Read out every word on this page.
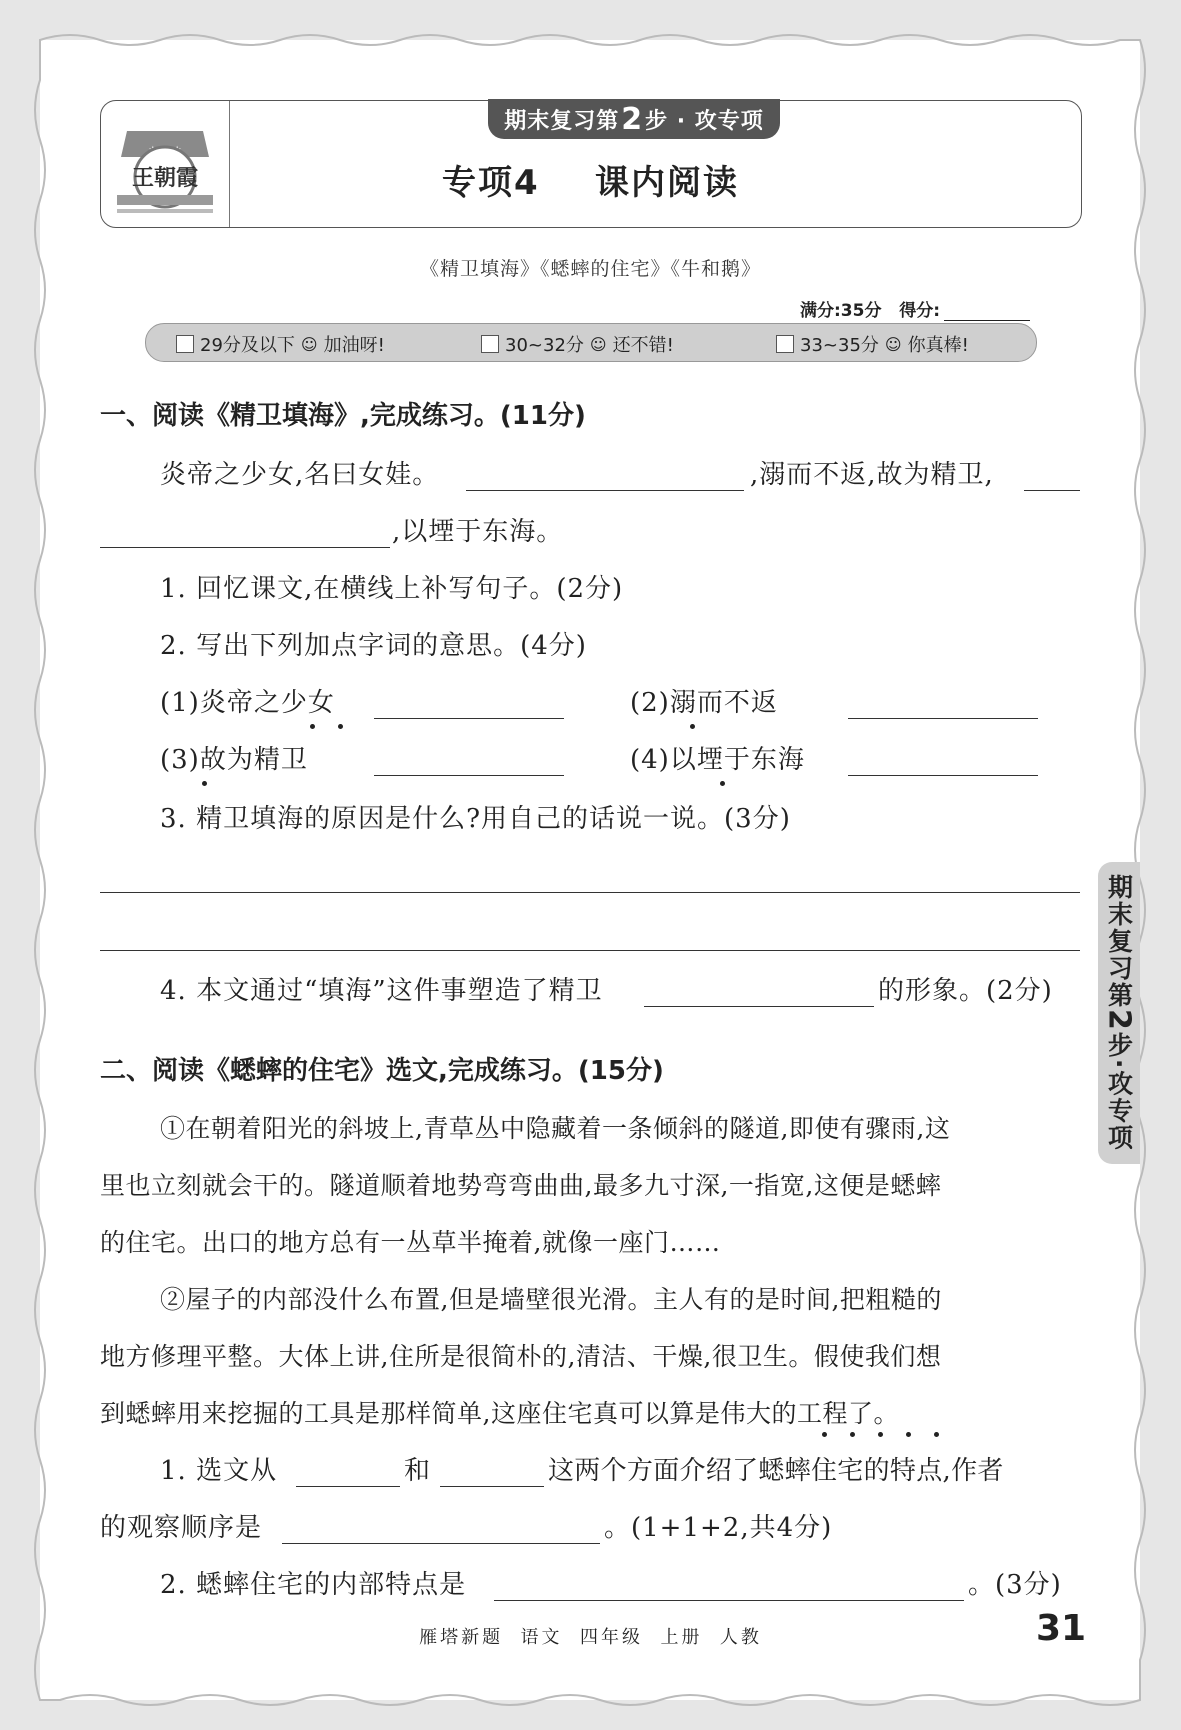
王朝霞
期末复习第 2 步 · 攻专项
专项4    课内阅读
《精卫填海》《蟋蟀的住宅》《牛和鹅》
满分:35分 得分:
29分及以下 ☺ 加油呀!	30~32分 ☺ 还不错!	33~35分 ☺ 你真棒!
一、阅读《精卫填海》,完成练习。(11分)
炎帝之少女,名曰女娃。	,溺而不返,故为精卫,
,以堙于东海。
1. 回忆课文,在横线上补写句子。(2分)
2. 写出下列加点字词的意思。(4分)
(1)炎帝之少女	(2)溺而不返
(3)故为精卫	(4)以堙于东海
3. 精卫填海的原因是什么?用自己的话说一说。(3分)
4. 本文通过“填海”这件事塑造了精卫	的形象。(2分)
二、阅读《蟋蟀的住宅》选文,完成练习。(15分)
①在朝着阳光的斜坡上,青草丛中隐藏着一条倾斜的隧道,即使有骤雨,这
里也立刻就会干的。隧道顺着地势弯弯曲曲,最多九寸深,一指宽,这便是蟋蟀
的住宅。出口的地方总有一丛草半掩着,就像一座门……
②屋子的内部没什么布置,但是墙壁很光滑。主人有的是时间,把粗糙的
地方修理平整。大体上讲,住所是很简朴的,清洁、干燥,很卫生。假使我们想
到蟋蟀用来挖掘的工具是那样简单,这座住宅真可以算是伟大的工程了。
1. 选文从	和	这两个方面介绍了蟋蟀住宅的特点,作者
的观察顺序是	。(1+1+2,共4分)
2. 蟋蟀住宅的内部特点是	。(3分)
期末复习第2步·攻专项
雁塔新题  语文  四年级  上册  人教	31
